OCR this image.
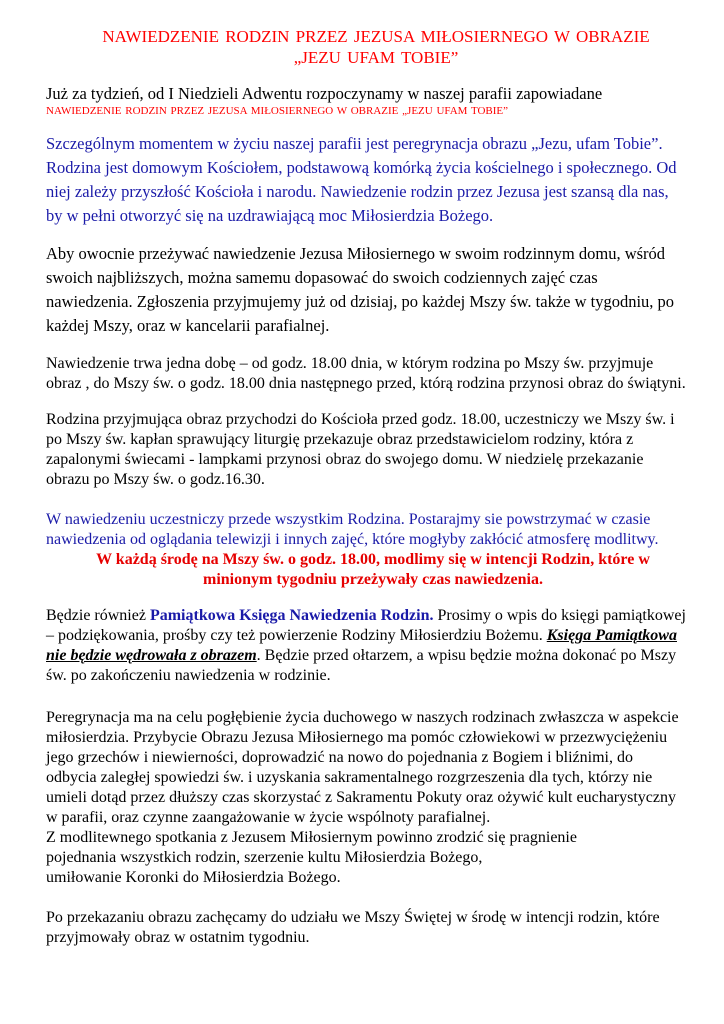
NAWIEDZENIE RODZIN PRZEZ JEZUSA MIŁOSIERNEGO W OBRAZIE
„JEZU UFAM TOBIE”

Już za tydzień, od I Niedzieli Adwentu rozpoczynamy w naszej parafii zapowiadane

NAWIEDZENIE RODZIN PRZEZ JEZUSA MIŁOSIERNEGO W OBRAZIE „JEZU UFAM TOBIE”

Szczególnym momentem w życiu naszej parafii jest peregrynacja obrazu „Jezu, ufam Tobie”. Rodzina jest domowym Kościołem, podstawową komórką życia kościelnego i społecznego. Od niej zależy przyszłość Kościoła i narodu. Nawiedzenie rodzin przez Jezusa jest szansą dla nas, by w pełni otworzyć się na uzdrawiającą moc Miłosierdzia Bożego.

Aby owocnie przeżywać nawiedzenie Jezusa Miłosiernego w swoim rodzinnym domu, wśród swoich najbliższych, można samemu dopasować do swoich codziennych zajęć czas nawiedzenia. Zgłoszenia przyjmujemy już od dzisiaj, po każdej Mszy św. także w tygodniu, po każdej Mszy, oraz w kancelarii parafialnej.

Nawiedzenie trwa jedna dobę – od godz. 18.00 dnia, w którym rodzina po Mszy św. przyjmuje obraz , do Mszy św. o godz. 18.00 dnia następnego przed, którą rodzina przynosi obraz do świątyni.

Rodzina przyjmująca obraz przychodzi do Kościoła przed godz. 18.00, uczestniczy we Mszy św. i po Mszy św. kapłan sprawujący liturgię przekazuje obraz przedstawicielom rodziny, która z zapalonymi świecami - lampkami przynosi obraz do swojego domu. W niedzielę przekazanie obrazu po Mszy św. o godz.16.30.

W nawiedzeniu uczestniczy przede wszystkim Rodzina. Postarajmy sie powstrzymać w czasie nawiedzenia od oglądania telewizji i innych zajęć, które mogłyby zakłócić atmosferę modlitwy.

W każdą środę na Mszy św. o godz. 18.00, modlimy się w intencji Rodzin, które w
minionym tygodniu przeżywały czas nawiedzenia.

Będzie również Pamiątkowa Księga Nawiedzenia Rodzin. Prosimy o wpis do księgi pamiątkowej – podziękowania, prośby czy też powierzenie Rodziny Miłosierdziu Bożemu. Księga Pamiątkowa nie będzie wędrowała z obrazem. Będzie przed ołtarzem, a wpisu będzie można dokonać po Mszy św. po zakończeniu nawiedzenia w rodzinie.

Peregrynacja ma na celu pogłębienie życia duchowego w naszych rodzinach zwłaszcza w aspekcie miłosierdzia. Przybycie Obrazu Jezusa Miłosiernego ma pomóc człowiekowi w przezwyciężeniu jego grzechów i niewierności, doprowadzić na nowo do pojednania z Bogiem i bliźnimi, do odbycia zaległej spowiedzi św. i uzyskania sakramentalnego rozgrzeszenia dla tych, którzy nie umieli dotąd przez dłuższy czas skorzystać z Sakramentu Pokuty oraz ożywić kult eucharystyczny w parafii, oraz czynne zaangażowanie w życie wspólnoty parafialnej.

Z modlitewnego spotkania z Jezusem Miłosiernym powinno zrodzić się pragnienie
pojednania wszystkich rodzin, szerzenie kultu Miłosierdzia Bożego,
umiłowanie Koronki do Miłosierdzia Bożego.

Po przekazaniu obrazu zachęcamy do udziału we Mszy Świętej w środę w intencji rodzin, które przyjmowały obraz w ostatnim tygodniu.
